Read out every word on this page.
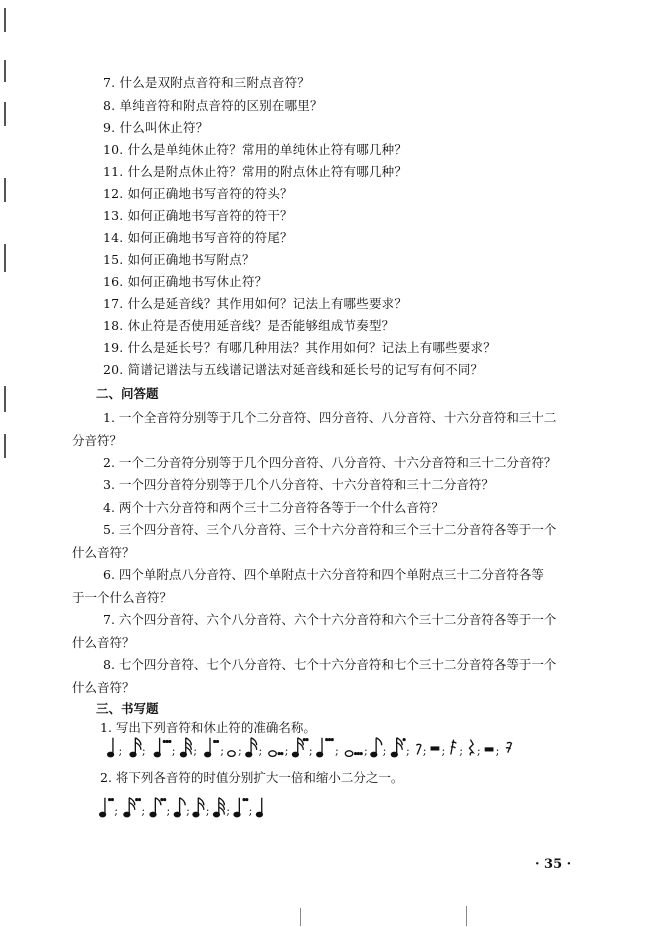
7. 什么是双附点音符和三附点音符？
8. 单纯音符和附点音符的区别在哪里？
9. 什么叫休止符？
10. 什么是单纯休止符？常用的单纯休止符有哪几种？
11. 什么是附点休止符？常用的附点休止符有哪几种？
12. 如何正确地书写音符的符头？
13. 如何正确地书写音符的符干？
14. 如何正确地书写音符的符尾？
15. 如何正确地书写附点？
16. 如何正确地书写休止符？
17. 什么是延音线？其作用如何？记法上有哪些要求？
18. 休止符是否使用延音线？是否能够组成节奏型？
19. 什么是延长号？有哪几种用法？其作用如何？记法上有哪些要求？
20. 简谱记谱法与五线谱记谱法对延音线和延长号的记写有何不同？
二、问答题
1. 一个全音符分别等于几个二分音符、四分音符、八分音符、十六分音符和三十二
分音符？
2. 一个二分音符分别等于几个四分音符、八分音符、十六分音符和三十二分音符？
3. 一个四分音符分别等于几个八分音符、十六分音符和三十二分音符？
4. 两个十六分音符和两个三十二分音符各等于一个什么音符？
5. 三个四分音符、三个八分音符、三个十六分音符和三个三十二分音符各等于一个
什么音符？
6. 四个单附点八分音符、四个单附点十六分音符和四个单附点三十二分音符各等
于一个什么音符？
7. 六个四分音符、六个八分音符、六个十六分音符和六个三十二分音符各等于一个
什么音符？
8. 七个四分音符、七个八分音符、七个十六分音符和七个三十二分音符各等于一个
什么音符？
三、书写题
1. 写出下列音符和休止符的准确名称。
; ; ; ; ; ; ; ; ; ; ; ; ; ; ; ; ; ;
2. 将下列各音符的时值分别扩大一倍和缩小二分之一。
; ; ; ; ; ; ;
· 35 ·
